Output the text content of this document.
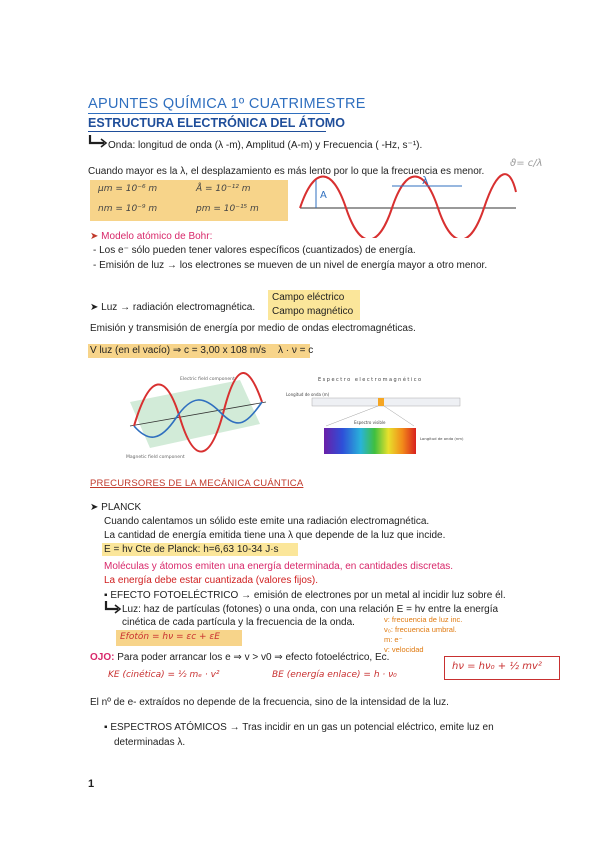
APUNTES QUÍMICA 1º CUATRIMESTRE
ESTRUCTURA ELECTRÓNICA DEL ÁTOMO
Onda: longitud de onda (λ -m), Amplitud (A-m) y Frecuencia ( -Hz, s⁻¹).
Cuando mayor es la λ, el desplazamiento es más lento por lo que la frecuencia es menor.
ϑ= c/λ
μm = 10⁻⁶ m
nm = 10⁻⁹ m
Å = 10⁻¹² m
pm = 10⁻¹⁵ m
λ
A
➤ Modelo atómico de Bohr:
- Los e⁻ sólo pueden tener valores específicos (cuantizados) de energía.
- Emisión de luz → los electrones se mueven de un nivel de energía mayor a otro menor.
➤ Luz → radiación electromagnética.
Campo eléctrico
Campo magnético
Emisión y transmisión de energía por medio de ondas electromagnéticas.
V luz (en el vacío) ⇒ c = 3,00 x 108 m/s λ · ν = c
Electric field component
Magnetic field component
Espectro electromagnético
Longitud de onda (m)
Espectro visible
Longitud de onda (nm)
PRECURSORES DE LA MECÁNICA CUÁNTICA
➤ PLANCK
Cuando calentamos un sólido este emite una radiación electromagnética.
La cantidad de energía emitida tiene una λ que depende de la luz que incide.
E = hv Cte de Planck: h=6,63 10-34 J·s
Moléculas y átomos emiten una energía determinada, en cantidades discretas.
La energía debe estar cuantizada (valores fijos).
▪ EFECTO FOTOELÉCTRICO → emisión de electrones por un metal al incidir luz sobre él.
Luz: haz de partículas (fotones) o una onda, con una relación E = hv entre la energía
cinética de cada partícula y la frecuencia de la onda.
Efotón = hν = εc + εE
ν: frecuencia de luz inc.
ν₀: frecuencia umbral.
m: e⁻
v: velocidad
OJO: Para poder arrancar los e ⇒ v > v0 ⇒ efecto fotoeléctrico, Ec.
KE (cinética) = ½ mₑ · v²	BE (energía enlace) = h · ν₀
hν = hν₀ + ½ mv²
El nº de e- extraídos no depende de la frecuencia, sino de la intensidad de la luz.
▪ ESPECTROS ATÓMICOS → Tras incidir en un gas un potencial eléctrico, emite luz en
determinadas λ.
1
